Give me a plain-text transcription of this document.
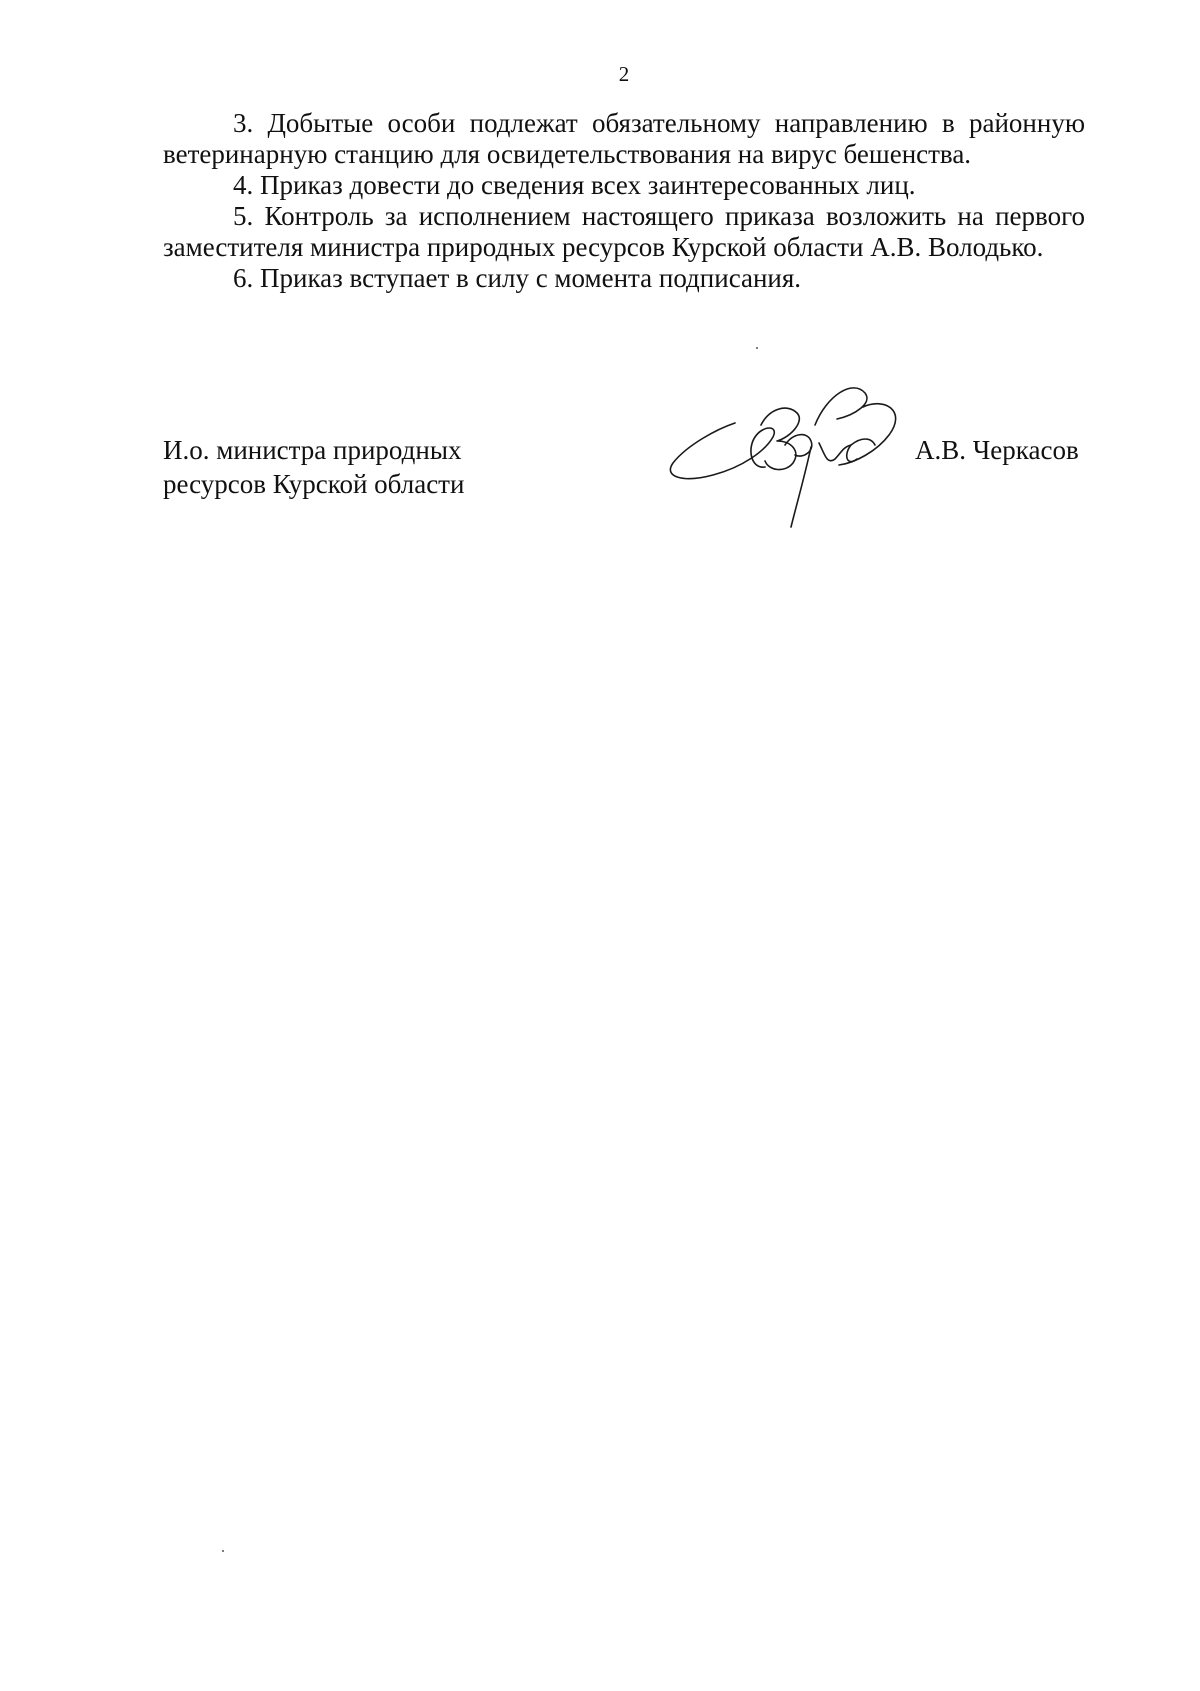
2

3. Добытые особи подлежат обязательному направлению в районную ветеринарную станцию для освидетельствования на вирус бешенства.

4. Приказ довести до сведения всех заинтересованных лиц.

5. Контроль за исполнением настоящего приказа возложить на первого заместителя министра природных ресурсов Курской области А.В. Володько.

6. Приказ вступает в силу с момента подписания.

И.о. министра природных
ресурсов Курской области
А.В. Черкасов
